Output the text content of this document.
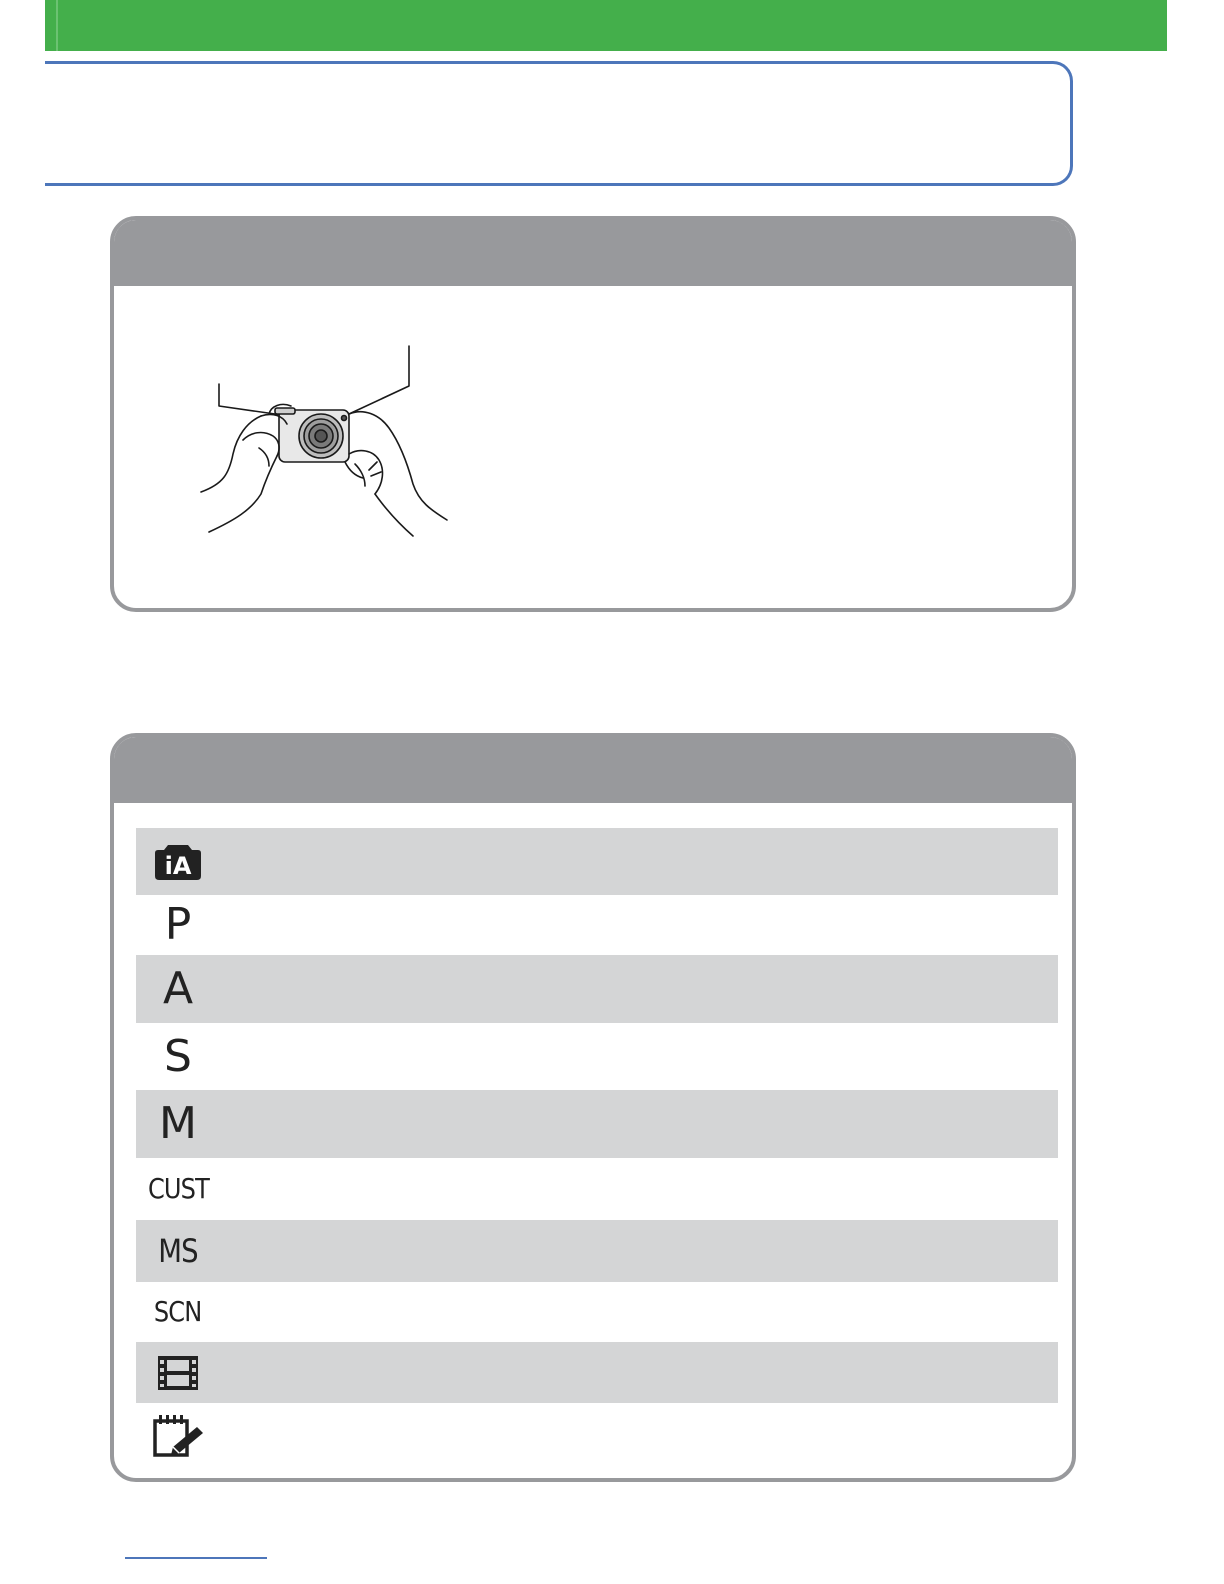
iA
P
A
S
M
CUST
MS
SCN
